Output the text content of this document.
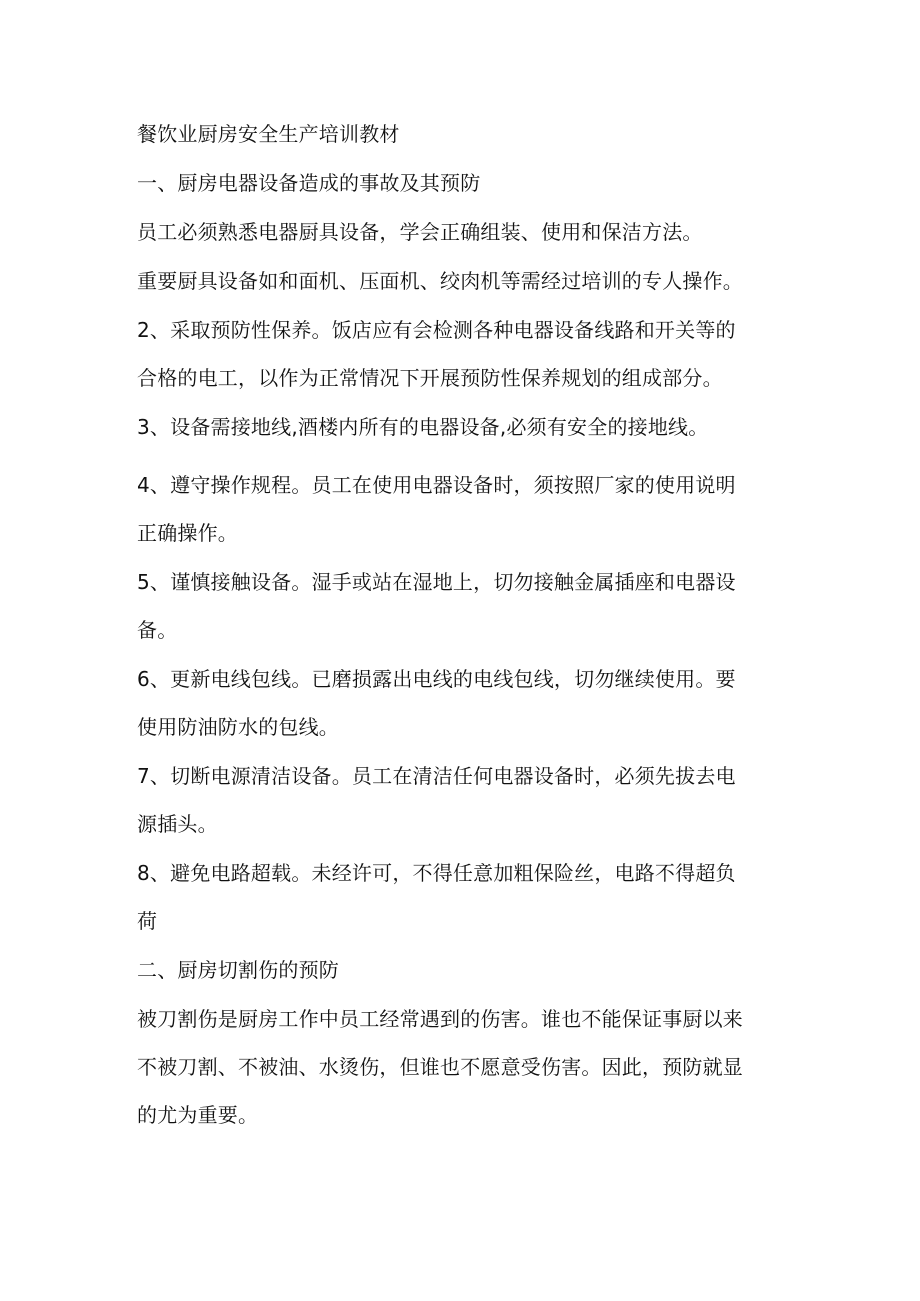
餐饮业厨房安全生产培训教材

一、厨房电器设备造成的事故及其预防

员工必须熟悉电器厨具设备，学会正确组装、使用和保洁方法。

重要厨具设备如和面机、压面机、绞肉机等需经过培训的专人操作。

2、采取预防性保养。饭店应有会检测各种电器设备线路和开关等的

合格的电工，以作为正常情况下开展预防性保养规划的组成部分。

3、设备需接地线,酒楼内所有的电器设备,必须有安全的接地线。

4、遵守操作规程。员工在使用电器设备时，须按照厂家的使用说明

正确操作。

5、谨慎接触设备。湿手或站在湿地上，切勿接触金属插座和电器设

备。

6、更新电线包线。已磨损露出电线的电线包线，切勿继续使用。要

使用防油防水的包线。

7、切断电源清洁设备。员工在清洁任何电器设备时，必须先拔去电

源插头。

8、避免电路超载。未经许可，不得任意加粗保险丝，电路不得超负

荷

二、厨房切割伤的预防

被刀割伤是厨房工作中员工经常遇到的伤害。谁也不能保证事厨以来

不被刀割、不被油、水烫伤，但谁也不愿意受伤害。因此，预防就显

的尤为重要。
